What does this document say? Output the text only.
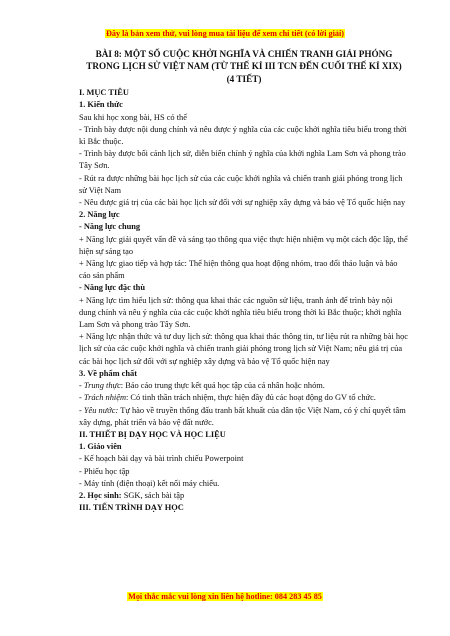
Đây là bản xem thử, vui lòng mua tài liệu để xem chi tiết (có lời giải)

BÀI 8: MỘT SỐ CUỘC KHỞI NGHĨA VÀ CHIẾN TRANH GIẢI PHÓNG TRONG LỊCH SỬ VIỆT NAM (TỪ THẾ KỈ III TCN ĐẾN CUỐI THẾ KỈ XIX)

(4 TIẾT)

I. MỤC TIÊU

1. Kiến thức

Sau khi học xong bài, HS có thể

- Trình bày được nội dung chính và nêu được ý nghĩa của các cuộc khởi nghĩa tiêu biểu trong thời kì Bắc thuộc.

- Trình bày được bối cảnh lịch sử, diễn biến chính ý nghĩa của khởi nghĩa Lam Sơn và phong trào Tây Sơn.

- Rút ra được những bài học lịch sử của các cuộc khởi nghĩa và chiến tranh giải phóng trong lịch sử Việt Nam

- Nêu được giá trị của các bài học lịch sử đối với sự nghiệp xây dựng và bảo vệ Tổ quốc hiện nay

2. Năng lực

- Năng lực chung

+ Năng lực giải quyết vấn đề và sáng tạo thông qua việc thực hiện nhiệm vụ một cách độc lập, thể hiện sự sáng tạo

+ Năng lực giao tiếp và hợp tác: Thể hiện thông qua hoạt động nhóm, trao đổi thảo luận và báo cáo sản phẩm

- Năng lực đặc thù

+ Năng lực tìm hiểu lịch sử: thông qua khai thác các nguồn sử liệu, tranh ảnh để trình bày nội dung chính và nêu ý nghĩa của các cuộc khởi nghĩa tiêu biểu trong thời kì Bắc thuộc; khởi nghĩa Lam Sơn và phong trào Tây Sơn.

+ Năng lực nhận thức và tư duy lịch sử: thông qua khai thác thông tin, tư liệu rút ra những bài học lịch sử của các cuộc khởi nghĩa và chiến tranh giải phóng trong lịch sử Việt Nam; nêu giá trị của các bài học lịch sử đối với sự nghiệp xây dựng và bảo vệ Tổ quốc hiện nay

3. Về phẩm chất

- Trung thực: Báo cáo trung thực kết quả học tập của cá nhân hoặc nhóm.

- Trách nhiệm: Có tinh thần trách nhiệm, thực hiện đầy đủ các hoạt động do GV tổ chức.

- Yêu nước: Tự hào về truyền thống đấu tranh bất khuất của dân tộc Việt Nam, có ý chí quyết tâm xây dựng, phát triển và bảo vệ đất nước.

II. THIẾT BỊ DẠY HỌC VÀ HỌC LIỆU

1. Giáo viên

- Kế hoạch bài dạy và bài trình chiếu Powerpoint

- Phiếu học tập

- Máy tính (điện thoại) kết nối máy chiếu.

2. Học sinh: SGK, sách bài tập

III. TIẾN TRÌNH DẠY HỌC

Mọi thắc mắc vui lòng xin liên hệ hotline: 084 283 45 85
